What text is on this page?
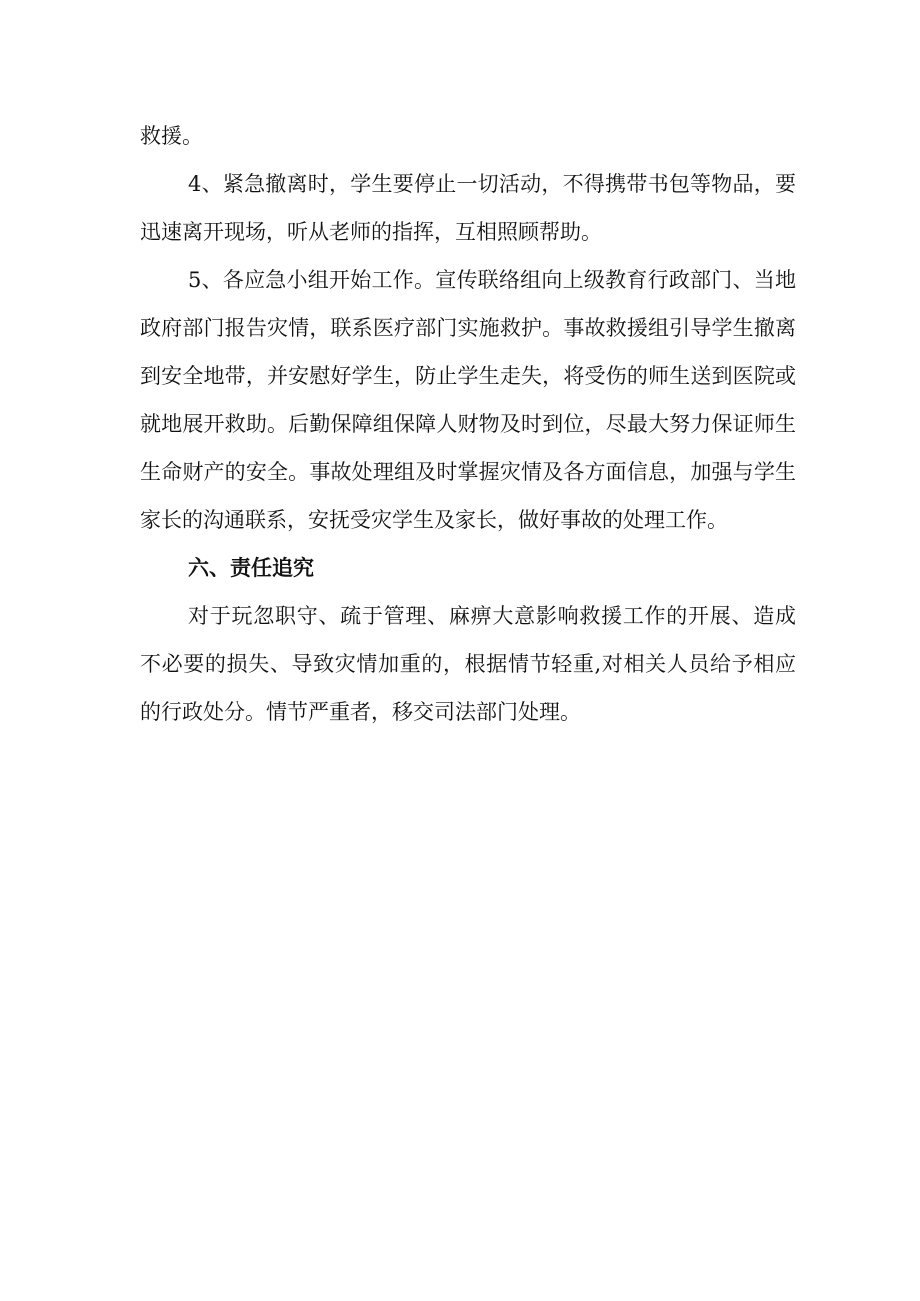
救援。

4、紧急撤离时，学生要停止一切活动，不得携带书包等物品，要迅速离开现场，听从老师的指挥，互相照顾帮助。

5、各应急小组开始工作。宣传联络组向上级教育行政部门、当地政府部门报告灾情，联系医疗部门实施救护。事故救援组引导学生撤离到安全地带，并安慰好学生，防止学生走失，将受伤的师生送到医院或就地展开救助。后勤保障组保障人财物及时到位，尽最大努力保证师生生命财产的安全。事故处理组及时掌握灾情及各方面信息，加强与学生家长的沟通联系，安抚受灾学生及家长，做好事故的处理工作。

六、责任追究

对于玩忽职守、疏于管理、麻痹大意影响救援工作的开展、造成不必要的损失、导致灾情加重的，根据情节轻重,对相关人员给予相应的行政处分。情节严重者，移交司法部门处理。
